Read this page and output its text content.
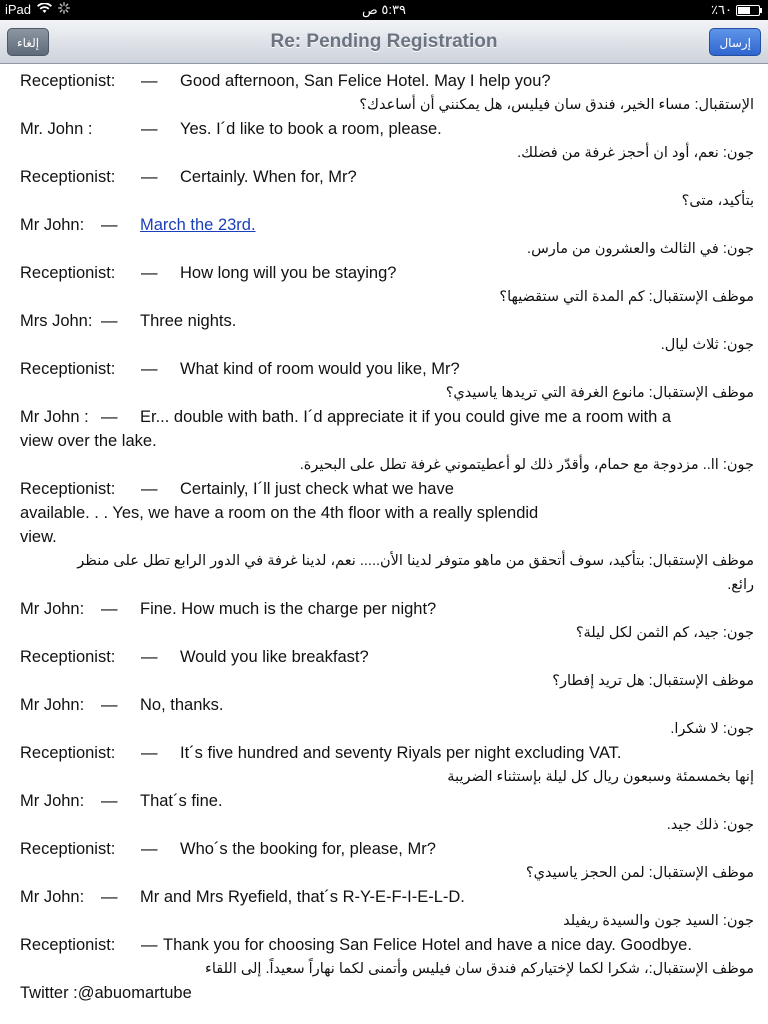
iPad	٥:٣٩ ص	٪٦٠
إلغاء	Re: Pending Registration	إرسال
Receptionist: — Good afternoon, San Felice Hotel. May I help you?
الإستقبال: مساء الخير، فندق سان فيليس، هل يمكنني أن أساعدك؟
Mr. John :	— Yes. I´d like to book a room, please.
جون: نعم، أود ان أحجز غرفة من فضلك.
Receptionist: — Certainly. When for, Mr?
بتأكيد، متى؟
Mr John: — March the 23rd.
جون: في الثالث والعشرون من مارس.
Receptionist: — How long will you be staying?
موظف الإستقبال: كم المدة التي ستقضيها؟
Mrs John: — Three nights.
جون: ثلاث ليال.
Receptionist: — What kind of room would you like, Mr?
موظف الإستقبال: مانوع الغرفة التي تريدها ياسيدي؟
Mr John : — Er... double with bath. I´d appreciate it if you could give me a room with a
view over the lake.
جون: اا.. مزدوجة مع حمام، وأقدّر ذلك لو أعطيتموني غرفة تطل على البحيرة.
Receptionist: — Certainly, I´ll just check what we have
available. . . Yes, we have a room on the 4th floor with a really splendid
view.
موظف الإستقبال: بتأكيد، سوف أتحقق من ماهو متوفر لدينا الأن..... نعم، لدينا غرفة في الدور الرابع تطل على منظر
رائع.
Mr John: — Fine. How much is the charge per night?
جون: جيد، كم الثمن لكل ليلة؟
Receptionist: — Would you like breakfast?
موظف الإستقبال: هل تريد إفطار؟
Mr John: — No, thanks.
جون: لا شكرا.
Receptionist: — It´s five hundred and seventy Riyals per night excluding VAT.
إنها بخمسمئة وسبعون ريال كل ليلة بإستثناء الضريبة
Mr John: — That´s fine.
جون: ذلك جيد.
Receptionist: — Who´s the booking for, please, Mr?
موظف الإستقبال: لمن الحجز ياسيدي؟
Mr John: — Mr and Mrs Ryefield, that´s R-Y-E-F-I-E-L-D.
جون: السيد جون والسيدة ريفيلد
Receptionist: — Thank you for choosing San Felice Hotel and have a nice day. Goodbye.
موظف الإستقبال:، شكرا لكما لإختياركم فندق سان فيليس وأتمنى لكما نهاراً سعيداً. إلى اللقاء
Twitter :@abuomartube
